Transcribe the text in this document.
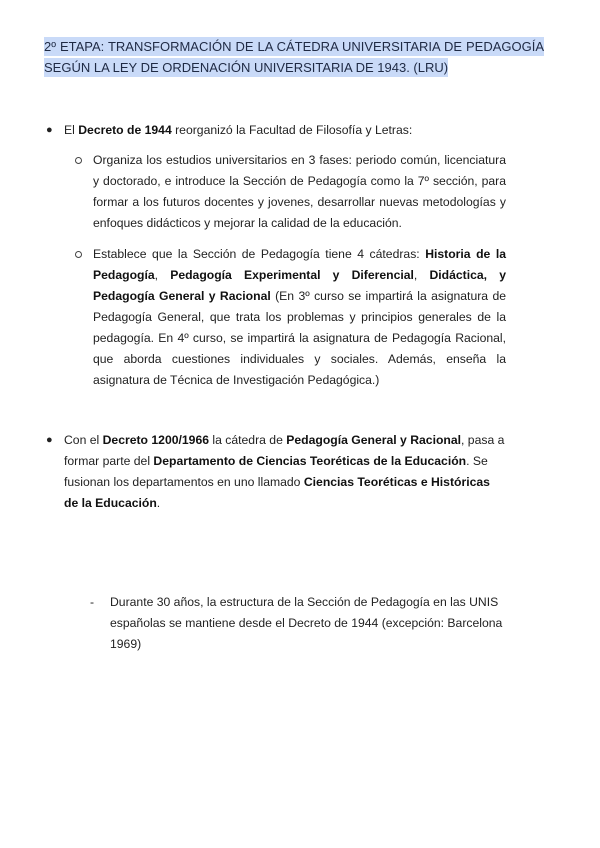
2º ETAPA: TRANSFORMACIÓN DE LA CÁTEDRA UNIVERSITARIA DE PEDAGOGÍA SEGÚN LA LEY DE ORDENACIÓN UNIVERSITARIA DE 1943. (LRU)
● El Decreto de 1944 reorganizó la Facultad de Filosofía y Letras:
Organiza los estudios universitarios en 3 fases: periodo común, licenciatura y doctorado, e introduce la Sección de Pedagogía como la 7º sección, para formar a los futuros docentes y jovenes, desarrollar nuevas metodologías y enfoques didácticos y mejorar la calidad de la educación.
Establece que la Sección de Pedagogía tiene 4 cátedras: Historia de la Pedagogía, Pedagogía Experimental y Diferencial, Didáctica, y Pedagogía General y Racional (En 3º curso se impartirá la asignatura de Pedagogía General, que trata los problemas y principios generales de la pedagogía. En 4º curso, se impartirá la asignatura de Pedagogía Racional, que aborda cuestiones individuales y sociales. Además, enseña la asignatura de Técnica de Investigación Pedagógica.)
● Con el Decreto 1200/1966 la cátedra de Pedagogía General y Racional, pasa a formar parte del Departamento de Ciencias Teoréticas de la Educación. Se fusionan los departamentos en uno llamado Ciencias Teoréticas e Históricas de la Educación.
- Durante 30 años, la estructura de la Sección de Pedagogía en las UNIS españolas se mantiene desde el Decreto de 1944 (excepción: Barcelona 1969)
